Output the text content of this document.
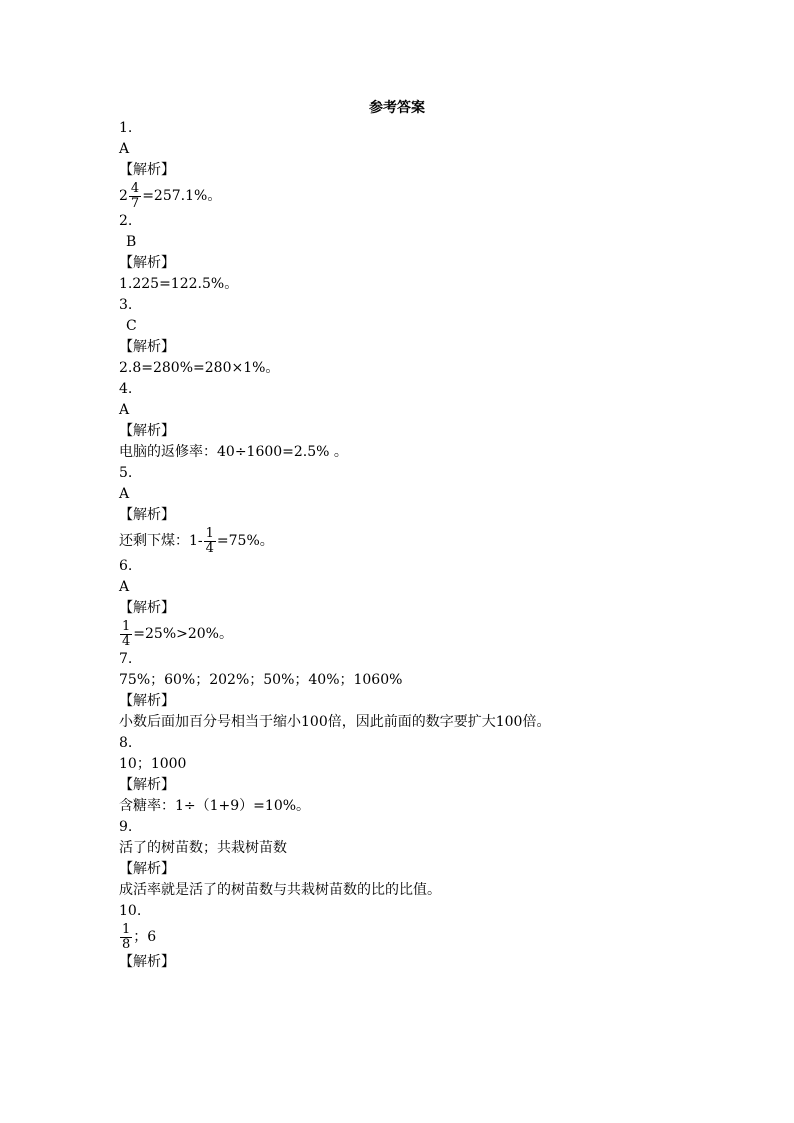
参考答案
1.
A
【解析】
$2 \frac{4}{7} =257.1\%$。
2.
B
【解析】
1.225=122.5%。
3.
C
【解析】
2.8=280%=280×1%。
4.
A
【解析】
电脑的返修率：40÷1600=2.5% 。
5.
A
【解析】
还剩下煤：$1- \frac{1}{4} =75\%$。
6.
A
【解析】
$\frac{1}{4} =25\%>20\%$。
7.
75%；60%；202%；50%；40%；1060%
【解析】
小数后面加百分号相当于缩小100倍，因此前面的数字要扩大100倍。
8.
10；1000
【解析】
含糖率：1÷（1+9）=10%。
9.
活了的树苗数；共栽树苗数
【解析】
成活率就是活了的树苗数与共栽树苗数的比的比值。
10.
$\frac{1}{8}$ ；6
【解析】
